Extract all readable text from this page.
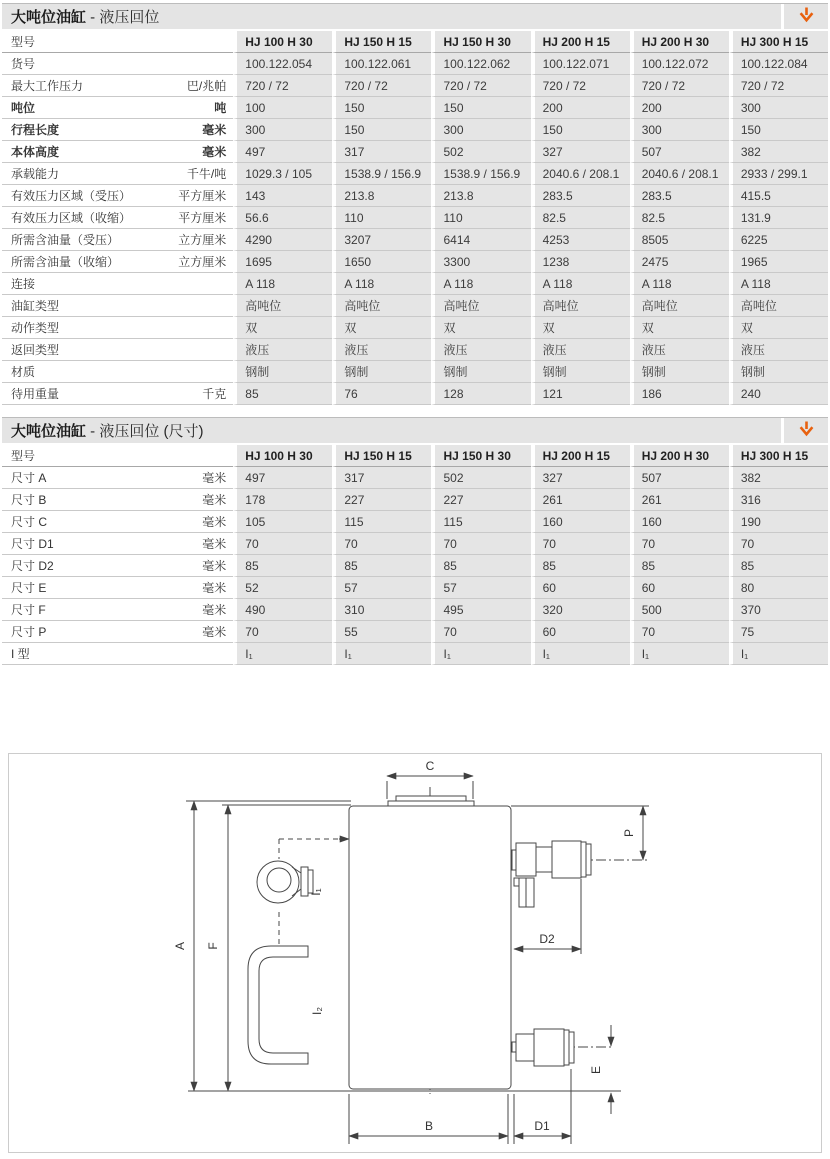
大吨位油缸 - 液压回位
型号	HJ 100 H 30	HJ 150 H 15	HJ 150 H 30	HJ 200 H 15	HJ 200 H 30	HJ 300 H 15

货号	100.122.054	100.122.061	100.122.062	100.122.071	100.122.072	100.122.084

最大工作压力 巴/兆帕	720 / 72	720 / 72	720 / 72	720 / 72	720 / 72	720 / 72

吨位 吨	100	150	150	200	200	300

行程长度 毫米	300	150	300	150	300	150

本体高度 毫米	497	317	502	327	507	382

承载能力 千牛/吨	1029.3 / 105	1538.9 / 156.9	1538.9 / 156.9	2040.6 / 208.1	2040.6 / 208.1	2933 / 299.1

有效压力区域（受压） 平方厘米	143	213.8	213.8	283.5	283.5	415.5

有效压力区域（收缩） 平方厘米	56.6	110	110	82.5	82.5	131.9

所需含油量（受压） 立方厘米	4290	3207	6414	4253	8505	6225

所需含油量（收缩） 立方厘米	1695	1650	3300	1238	2475	1965

连接	A 118	A 118	A 118	A 118	A 118	A 118

油缸类型	高吨位	高吨位	高吨位	高吨位	高吨位	高吨位

动作类型	双	双	双	双	双	双

返回类型	液压	液压	液压	液压	液压	液压

材质	钢制	钢制	钢制	钢制	钢制	钢制

待用重量 千克	85	76	128	121	186	240
大吨位油缸 - 液压回位 (尺寸)
型号	HJ 100 H 30	HJ 150 H 15	HJ 150 H 30	HJ 200 H 15	HJ 200 H 30	HJ 300 H 15

尺寸 A 毫米	497	317	502	327	507	382

尺寸 B 毫米	178	227	227	261	261	316

尺寸 C 毫米	105	115	115	160	160	190

尺寸 D1 毫米	70	70	70	70	70	70

尺寸 D2 毫米	85	85	85	85	85	85

尺寸 E 毫米	52	57	57	60	60	80

尺寸 F 毫米	490	310	495	320	500	370

尺寸 P 毫米	70	55	70	60	70	75

I 型	I₁	I₁	I₁	I₁	I₁	I₁
C
A F
P
D2
E
B	D1
I₁
I₂
